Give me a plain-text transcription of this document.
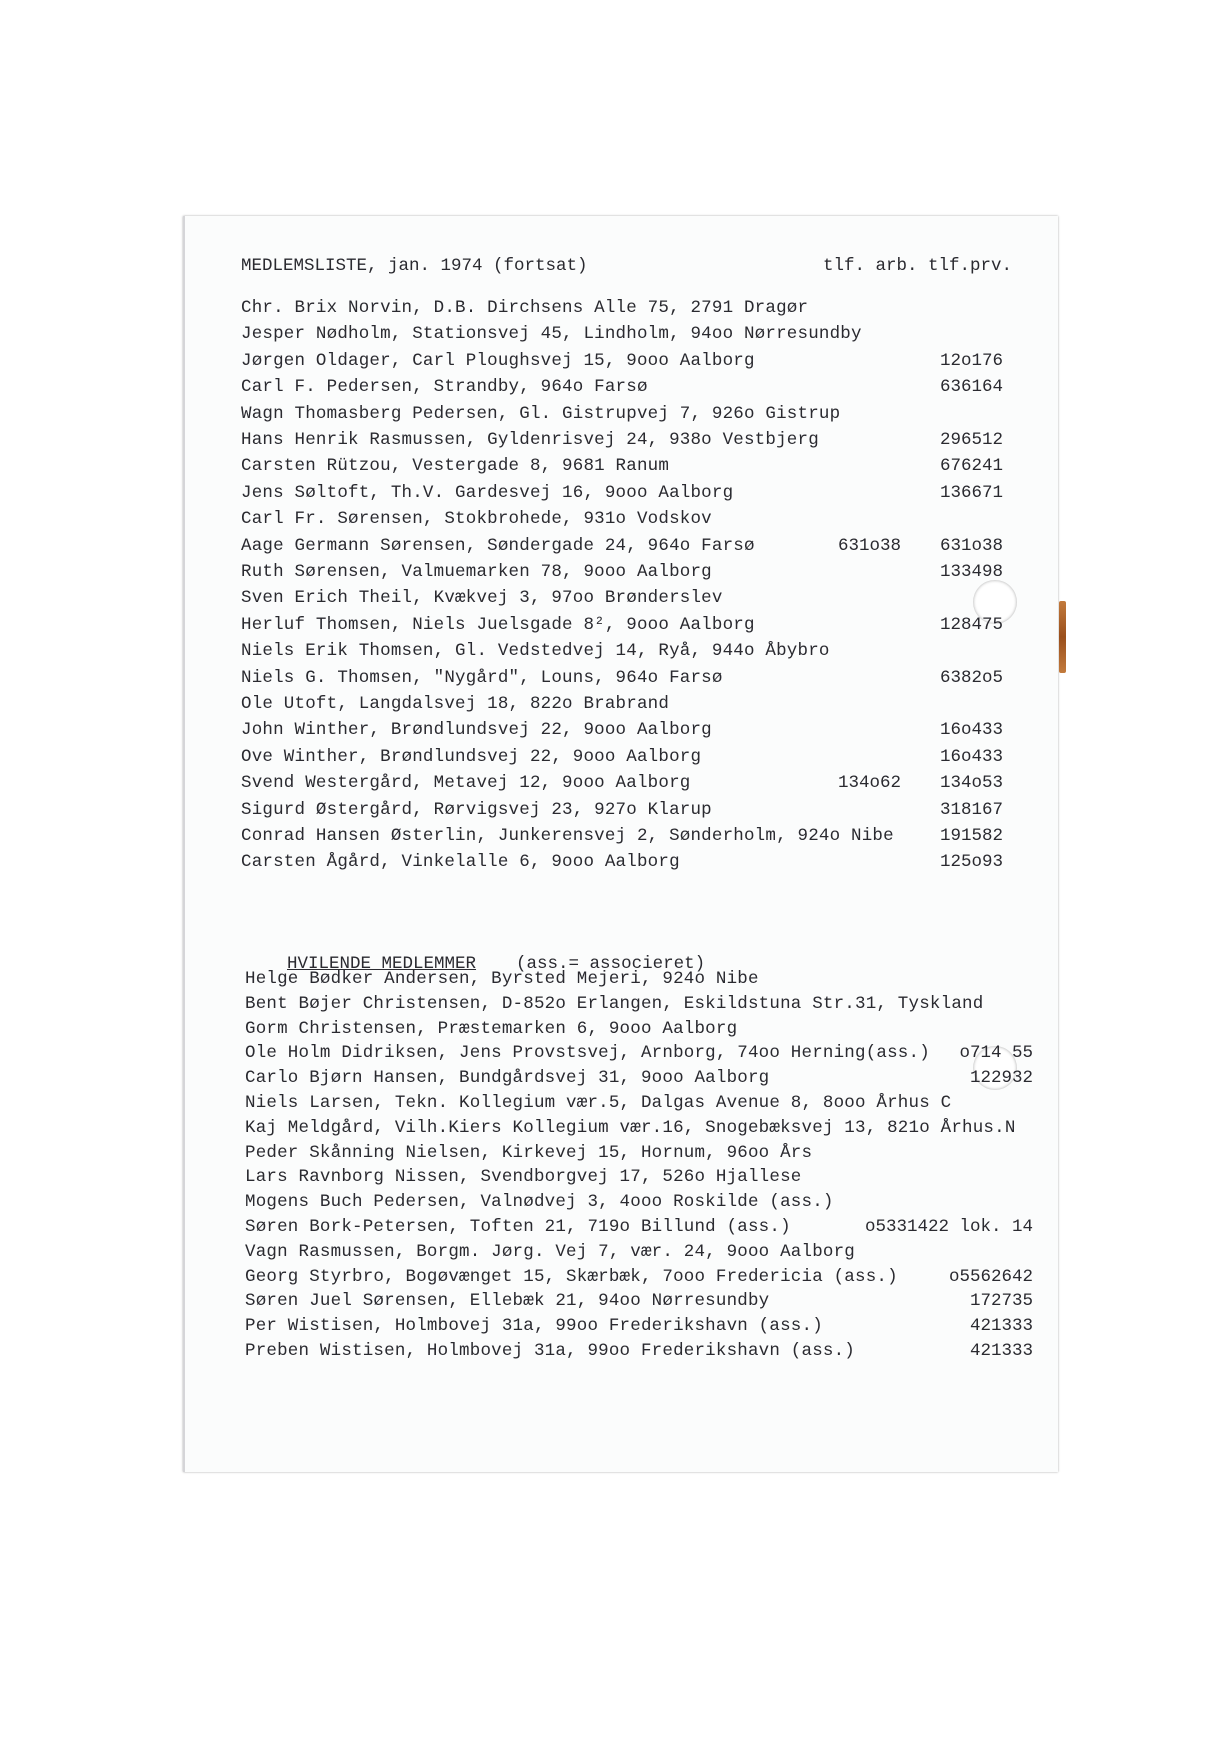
MEDLEMSLISTE, jan. 1974 (fortsat)	tlf. arb. tlf.prv.
Chr. Brix Norvin, D.B. Dirchsens Alle 75, 2791 Dragør
Jesper Nødholm, Stationsvej 45, Lindholm, 94oo Nørresundby
Jørgen Oldager, Carl Ploughsvej 15, 9ooo Aalborg	12o176
Carl F. Pedersen, Strandby, 964o Farsø	636164
Wagn Thomasberg Pedersen, Gl. Gistrupvej 7, 926o Gistrup
Hans Henrik Rasmussen, Gyldenrisvej 24, 938o Vestbjerg	296512
Carsten Rützou, Vestergade 8, 9681 Ranum	676241
Jens Søltoft, Th.V. Gardesvej 16, 9ooo Aalborg	136671
Carl Fr. Sørensen, Stokbrohede, 931o Vodskov
Aage Germann Sørensen, Søndergade 24, 964o Farsø	631o38	631o38
Ruth Sørensen, Valmuemarken 78, 9ooo Aalborg	133498
Sven Erich Theil, Kvækvej 3, 97oo Brønderslev
Herluf Thomsen, Niels Juelsgade 8², 9ooo Aalborg	128475
Niels Erik Thomsen, Gl. Vedstedvej 14, Ryå, 944o Åbybro
Niels G. Thomsen, "Nygård", Louns, 964o Farsø	6382o5
Ole Utoft, Langdalsvej 18, 822o Brabrand
John Winther, Brøndlundsvej 22, 9ooo Aalborg	16o433
Ove Winther, Brøndlundsvej 22, 9ooo Aalborg	16o433
Svend Westergård, Metavej 12, 9ooo Aalborg	134o62	134o53
Sigurd Østergård, Rørvigsvej 23, 927o Klarup	318167
Conrad Hansen Østerlin, Junkerensvej 2, Sønderholm, 924o Nibe	191582
Carsten Ågård, Vinkelalle 6, 9ooo Aalborg	125o93

HVILENDE MEDLEMMER (ass.= associeret)

Helge Bødker Andersen, Byrsted Mejeri, 924o Nibe
Bent Bøjer Christensen, D-852o Erlangen, Eskildstuna Str.31, Tyskland
Gorm Christensen, Præstemarken 6, 9ooo Aalborg
Ole Holm Didriksen, Jens Provstsvej, Arnborg, 74oo Herning(ass.)	o714 55
Carlo Bjørn Hansen, Bundgårdsvej 31, 9ooo Aalborg	122932
Niels Larsen, Tekn. Kollegium vær.5, Dalgas Avenue 8, 8ooo Århus C
Kaj Meldgård, Vilh.Kiers Kollegium vær.16, Snogebæksvej 13, 821o Århus.N
Peder Skånning Nielsen, Kirkevej 15, Hornum, 96oo Års
Lars Ravnborg Nissen, Svendborgvej 17, 526o Hjallese
Mogens Buch Pedersen, Valnødvej 3, 4ooo Roskilde (ass.)
Søren Bork-Petersen, Toften 21, 719o Billund (ass.)	o5331422 lok. 14
Vagn Rasmussen, Borgm. Jørg. Vej 7, vær. 24, 9ooo Aalborg
Georg Styrbro, Bogøvænget 15, Skærbæk, 7ooo Fredericia (ass.)	o5562642
Søren Juel Sørensen, Ellebæk 21, 94oo Nørresundby	172735
Per Wistisen, Holmbovej 31a, 99oo Frederikshavn (ass.)	421333
Preben Wistisen, Holmbovej 31a, 99oo Frederikshavn (ass.)	421333
